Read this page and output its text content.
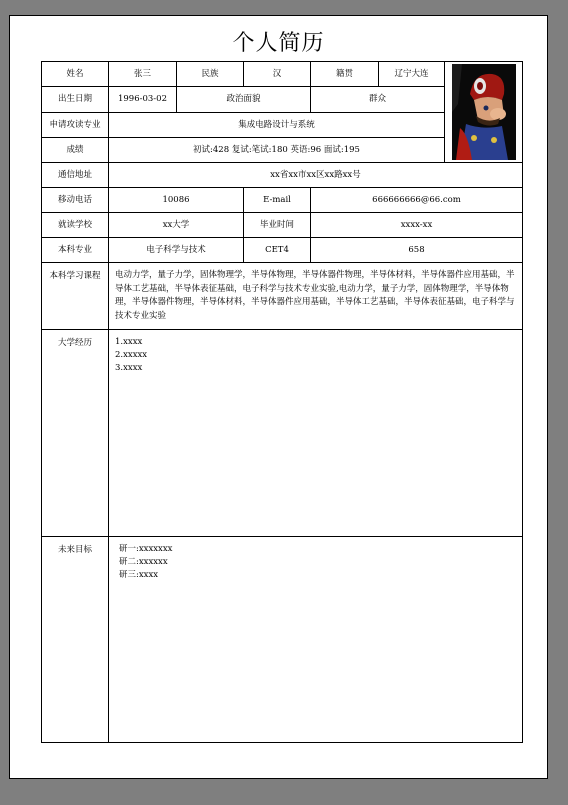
个人简历
姓名	张三	民族	汉	籍贯	辽宁大连	

出生日期	1996-03-02	政治面貌		群众		
申请攻读专业	集成电路设计与系统					
成绩	初试:428 复试:笔试:180 英语:96 面试:195					
通信地址	xx省xx市xx区xx路xx号					
移动电话	10086		E-mail	666666666@66.com		
就读学校	xx大学		毕业时间	xxxx-xx		
本科专业	电子科学与技术		CET4	658		
本科学习课程	电动力学，量子力学，固体物理学，半导体物理，半导体器件物理，半导体材料，半导体器件应用基础，半导体工艺基础，半导体表征基础，电子科学与技术专业实验,电动力学，量子力学，固体物理学，半导体物理，半导体器件物理，半导体材料，半导体器件应用基础，半导体工艺基础，半导体表征基础，电子科学与技术专业实验					
大学经历	1.xxxx
2.xxxxx
3.xxxx					

未来目标	研一:xxxxxxx
研二:xxxxxx
研三:xxxx					
